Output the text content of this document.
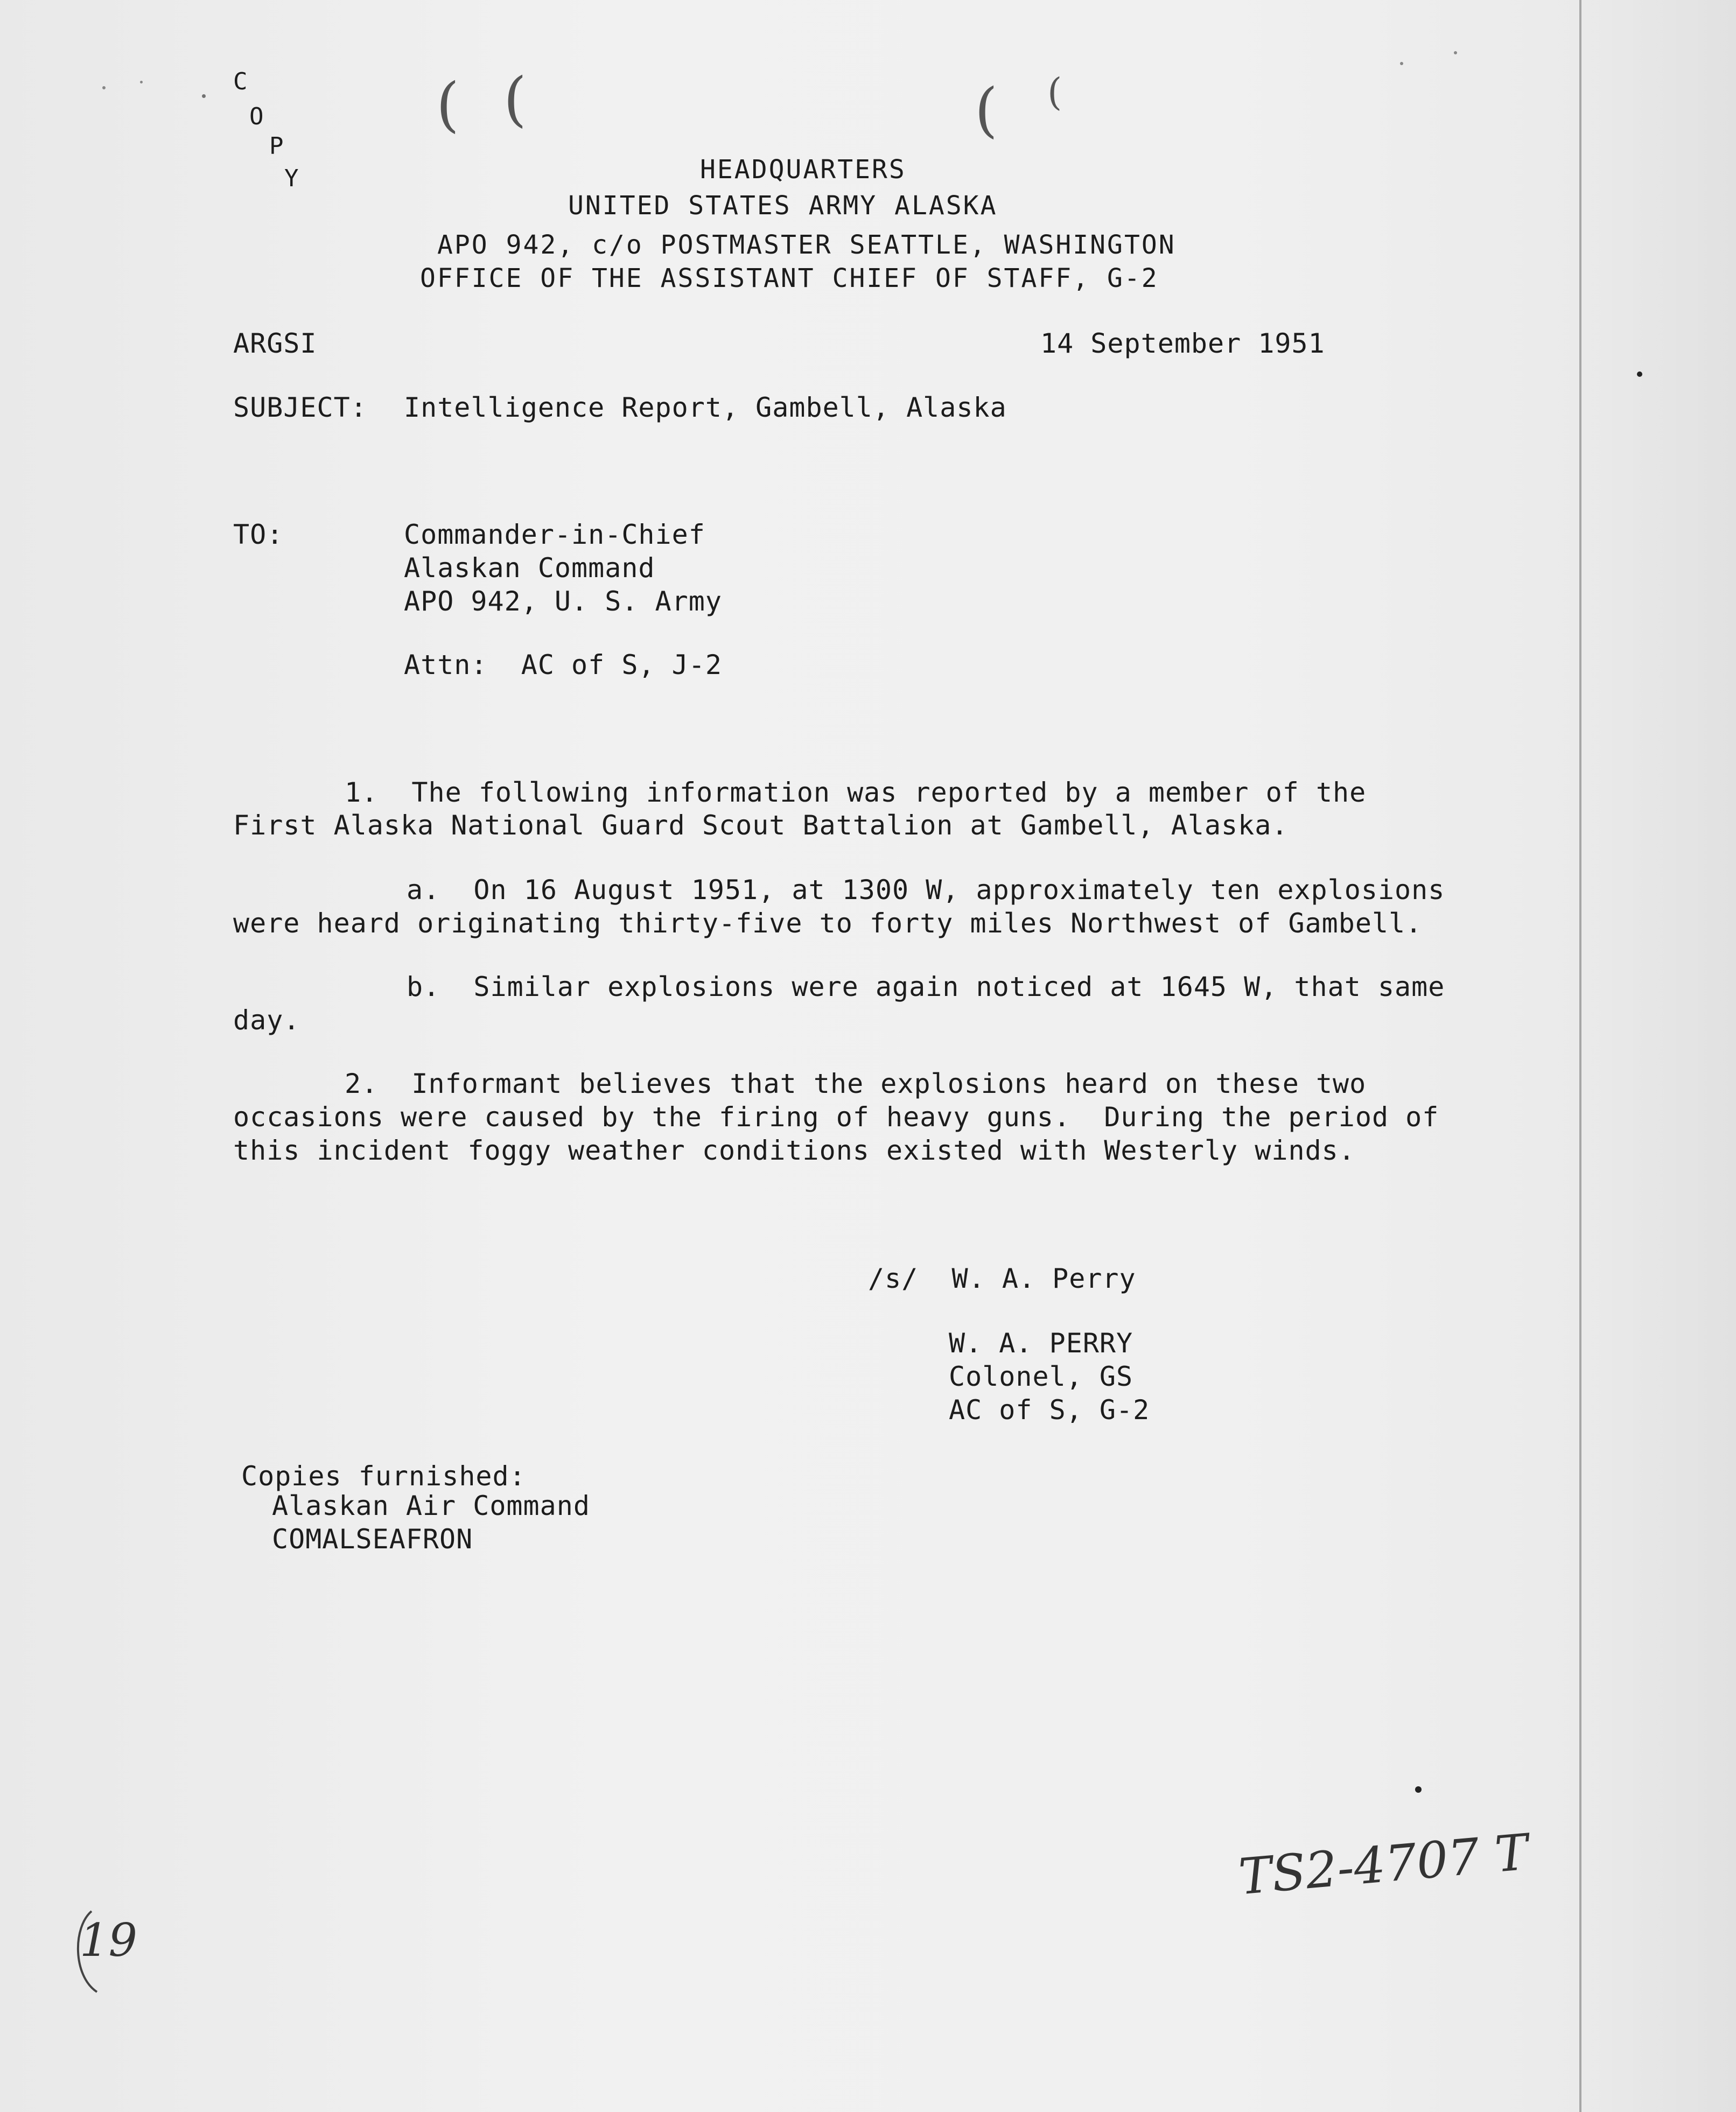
( (	( (
C
O
P
Y	HEADQUARTERS
UNITED STATES ARMY ALASKA
APO 942, c/o POSTMASTER SEATTLE, WASHINGTON
OFFICE OF THE ASSISTANT CHIEF OF STAFF, G-2
ARGSI	14 September 1951
SUBJECT: Intelligence Report, Gambell, Alaska
TO:	Commander-in-Chief
Alaskan Command
APO 942, U. S. Army
Attn:  AC of S, J-2
1.  The following information was reported by a member of the
First Alaska National Guard Scout Battalion at Gambell, Alaska.
a.  On 16 August 1951, at 1300 W, approximately ten explosions
were heard originating thirty-five to forty miles Northwest of Gambell.
b.  Similar explosions were again noticed at 1645 W, that same
day.
2.  Informant believes that the explosions heard on these two
occasions were caused by the firing of heavy guns.  During the period of
this incident foggy weather conditions existed with Westerly winds.
/s/  W. A. Perry
W. A. PERRY
Colonel, GS
AC of S, G-2
Copies furnished:
Alaskan Air Command
COMALSEAFRON
TS2-4707 T
19
